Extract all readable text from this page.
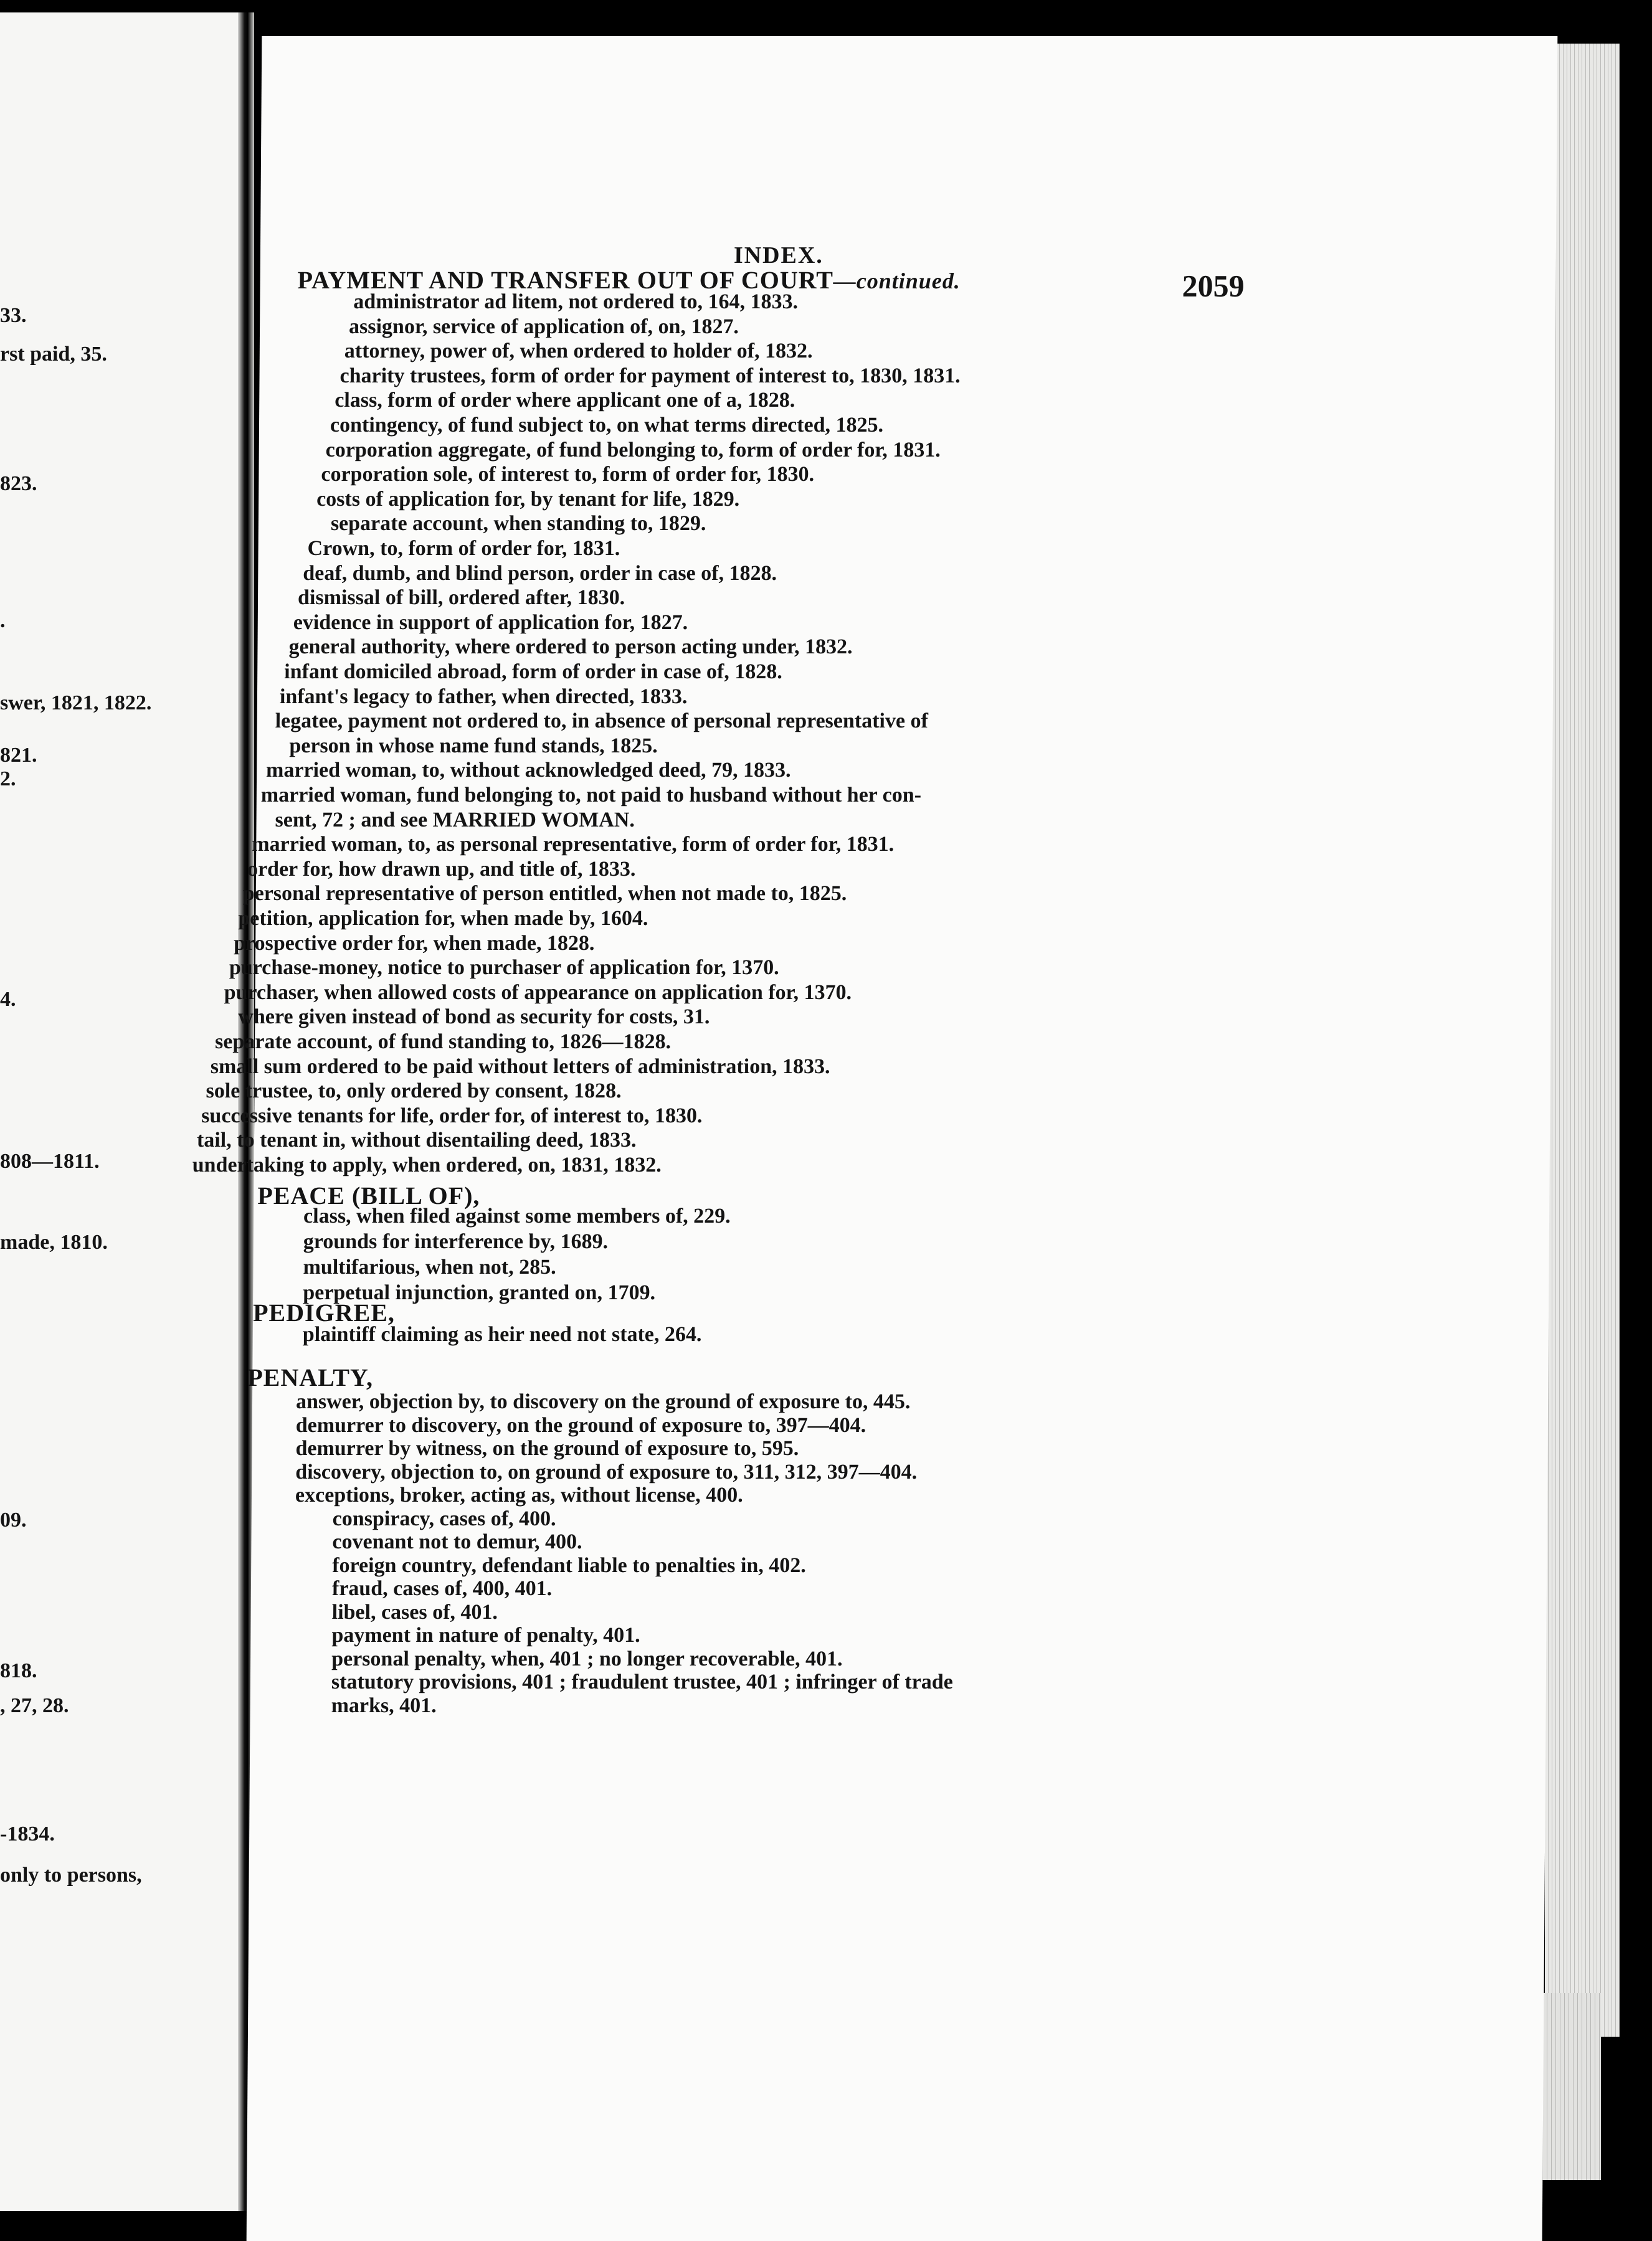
33.
rst paid, 35.
823.
.
swer, 1821, 1822.
821.
2.
4.
808—1811.
made, 1810.
09.
818.
, 27, 28.
-1834.
only to persons,
INDEX.
2059
PAYMENT AND TRANSFER OUT OF COURT—continued.
administrator ad litem, not ordered to, 164, 1833.
assignor, service of application of, on, 1827.
attorney, power of, when ordered to holder of, 1832.
charity trustees, form of order for payment of interest to, 1830, 1831.
class, form of order where applicant one of a, 1828.
contingency, of fund subject to, on what terms directed, 1825.
corporation aggregate, of fund belonging to, form of order for, 1831.
corporation sole, of interest to, form of order for, 1830.
costs of application for, by tenant for life, 1829.
separate account, when standing to, 1829.
Crown, to, form of order for, 1831.
deaf, dumb, and blind person, order in case of, 1828.
dismissal of bill, ordered after, 1830.
evidence in support of application for, 1827.
general authority, where ordered to person acting under, 1832.
infant domiciled abroad, form of order in case of, 1828.
infant's legacy to father, when directed, 1833.
legatee, payment not ordered to, in absence of personal representative of
person in whose name fund stands, 1825.
married woman, to, without acknowledged deed, 79, 1833.
married woman, fund belonging to, not paid to husband without her con-
sent, 72 ; and see MARRIED WOMAN.
married woman, to, as personal representative, form of order for, 1831.
order for, how drawn up, and title of, 1833.
personal representative of person entitled, when not made to, 1825.
petition, application for, when made by, 1604.
prospective order for, when made, 1828.
purchase-money, notice to purchaser of application for, 1370.
purchaser, when allowed costs of appearance on application for, 1370.
where given instead of bond as security for costs, 31.
separate account, of fund standing to, 1826—1828.
small sum ordered to be paid without letters of administration, 1833.
sole trustee, to, only ordered by consent, 1828.
successive tenants for life, order for, of interest to, 1830.
tail, to tenant in, without disentailing deed, 1833.
undertaking to apply, when ordered, on, 1831, 1832.
PEACE (BILL OF),
class, when filed against some members of, 229.
grounds for interference by, 1689.
multifarious, when not, 285.
perpetual injunction, granted on, 1709.
PEDIGREE,
plaintiff claiming as heir need not state, 264.
PENALTY,
answer, objection by, to discovery on the ground of exposure to, 445.
demurrer to discovery, on the ground of exposure to, 397—404.
demurrer by witness, on the ground of exposure to, 595.
discovery, objection to, on ground of exposure to, 311, 312, 397—404.
exceptions, broker, acting as, without license, 400.
conspiracy, cases of, 400.
covenant not to demur, 400.
foreign country, defendant liable to penalties in, 402.
fraud, cases of, 400, 401.
libel, cases of, 401.
payment in nature of penalty, 401.
personal penalty, when, 401 ; no longer recoverable, 401.
statutory provisions, 401 ; fraudulent trustee, 401 ; infringer of trade
marks, 401.
